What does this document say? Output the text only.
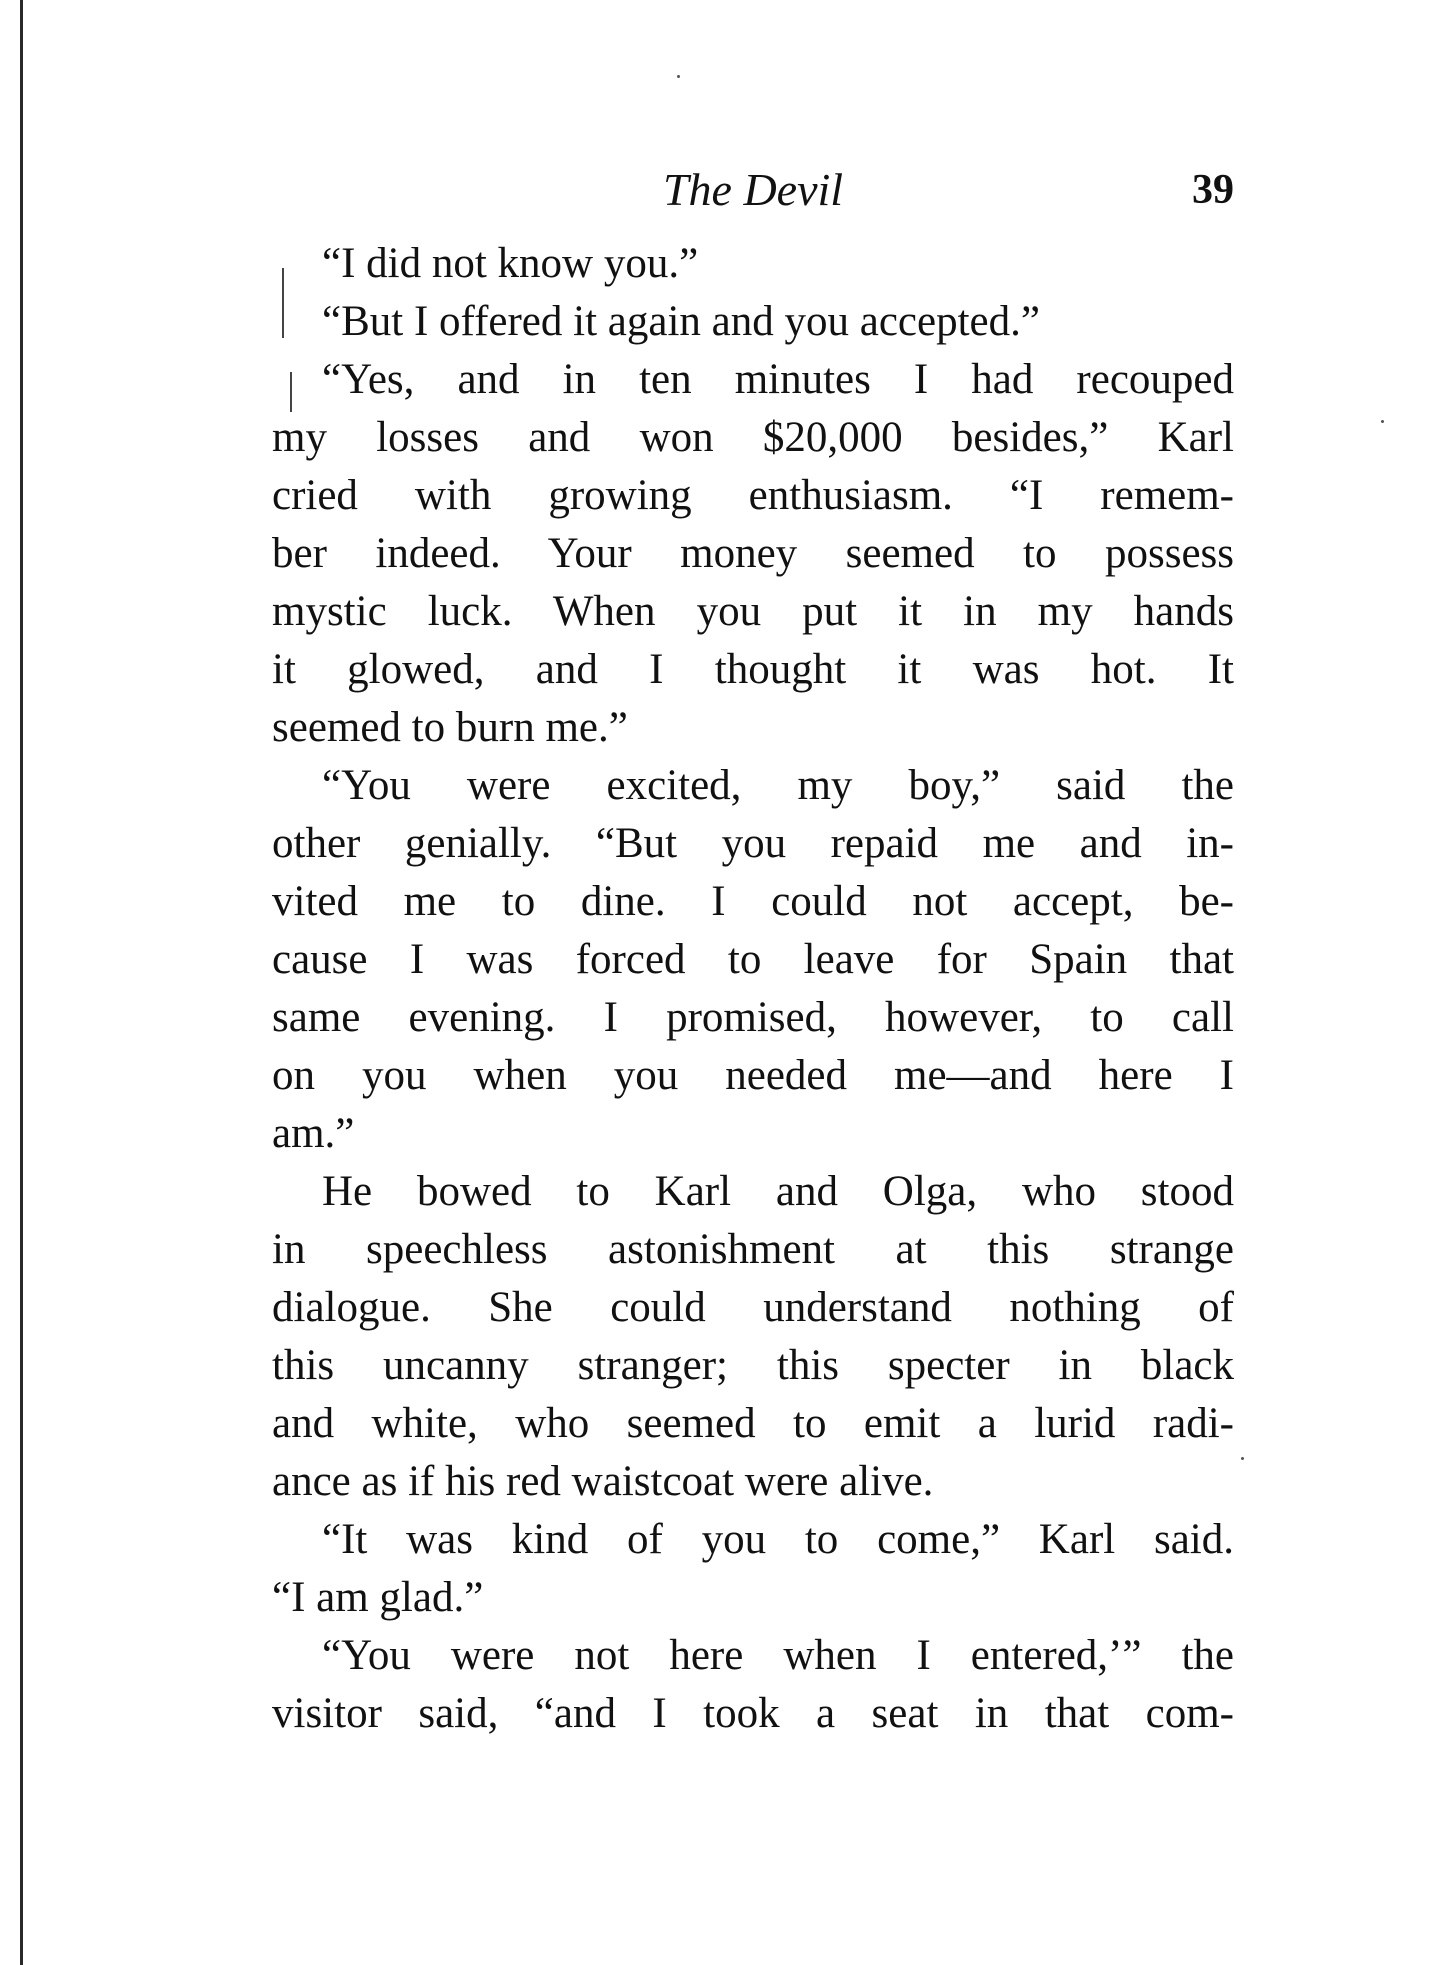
The Devil	39
“I did not know you.”
“But I offered it again and you accepted.”
“Yes, and in ten minutes I had recouped
my losses and won $20,000 besides,” Karl
cried with growing enthusiasm. “I remem-
ber indeed. Your money seemed to possess
mystic luck. When you put it in my hands
it glowed, and I thought it was hot. It
seemed to burn me.”
“You were excited, my boy,” said the
other genially. “But you repaid me and in-
vited me to dine. I could not accept, be-
cause I was forced to leave for Spain that
same evening. I promised, however, to call
on you when you needed me—and here I
am.”
He bowed to Karl and Olga, who stood
in speechless astonishment at this strange
dialogue. She could understand nothing of
this uncanny stranger; this specter in black
and white, who seemed to emit a lurid radi-
ance as if his red waistcoat were alive.
“It was kind of you to come,” Karl said.
“I am glad.”
“You were not here when I entered,’” the
visitor said, “and I took a seat in that com-
